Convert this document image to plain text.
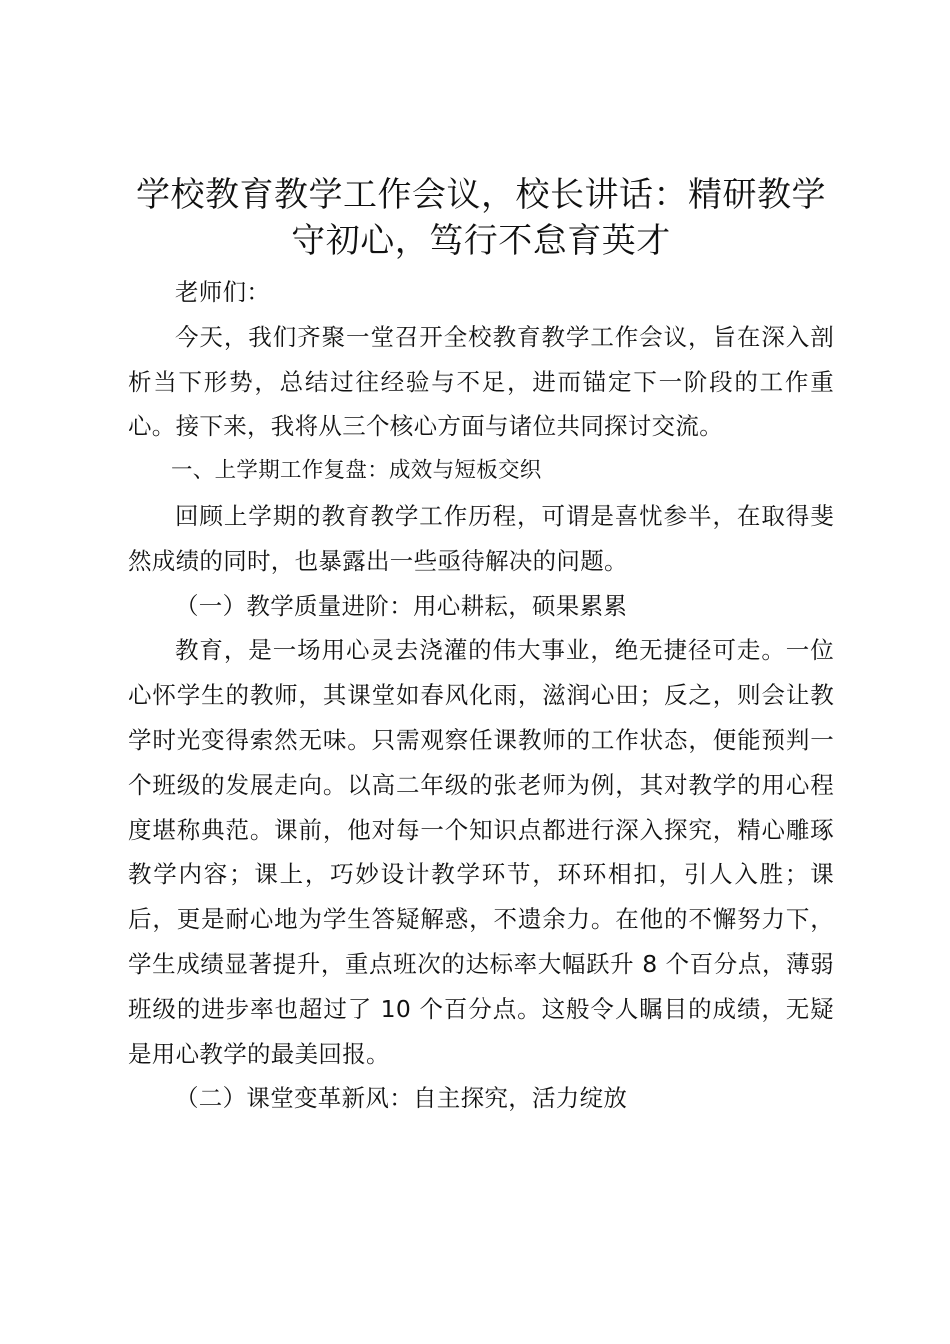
学校教育教学工作会议，校长讲话：精研教学守初心，笃行不怠育英才

老师们：

今天，我们齐聚一堂召开全校教育教学工作会议，旨在深入剖析当下形势，总结过往经验与不足，进而锚定下一阶段的工作重心。接下来，我将从三个核心方面与诸位共同探讨交流。

一、上学期工作复盘：成效与短板交织

回顾上学期的教育教学工作历程，可谓是喜忧参半，在取得斐然成绩的同时，也暴露出一些亟待解决的问题。

（一）教学质量进阶：用心耕耘，硕果累累

教育，是一场用心灵去浇灌的伟大事业，绝无捷径可走。一位心怀学生的教师，其课堂如春风化雨，滋润心田；反之，则会让教学时光变得索然无味。只需观察任课教师的工作状态，便能预判一个班级的发展走向。以高二年级的张老师为例，其对教学的用心程度堪称典范。课前，他对每一个知识点都进行深入探究，精心雕琢教学内容；课上，巧妙设计教学环节，环环相扣，引人入胜；课后，更是耐心地为学生答疑解惑，不遗余力。在他的不懈努力下，学生成绩显著提升，重点班次的达标率大幅跃升 8 个百分点，薄弱班级的进步率也超过了 10 个百分点。这般令人瞩目的成绩，无疑是用心教学的最美回报。

（二）课堂变革新风：自主探究，活力绽放
